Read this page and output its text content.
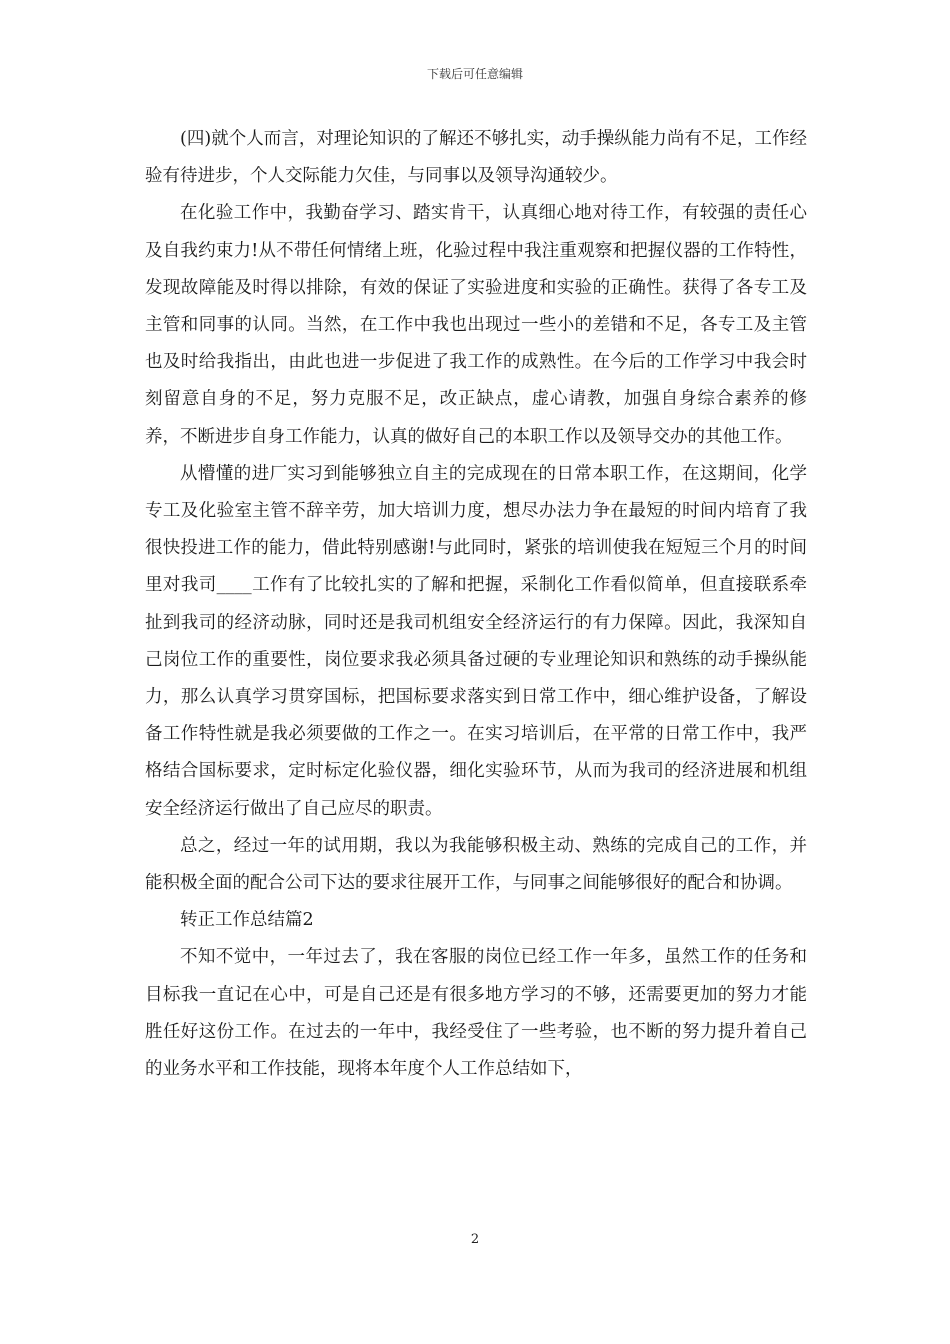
下载后可任意编辑

(四)就个人而言，对理论知识的了解还不够扎实，动手操纵能力尚有不足，工作经验有待进步，个人交际能力欠佳，与同事以及领导沟通较少。

在化验工作中，我勤奋学习、踏实肯干，认真细心地对待工作，有较强的责任心及自我约束力!从不带任何情绪上班，化验过程中我注重观察和把握仪器的工作特性，发现故障能及时得以排除，有效的保证了实验进度和实验的正确性。获得了各专工及主管和同事的认同。当然，在工作中我也出现过一些小的差错和不足，各专工及主管也及时给我指出，由此也进一步促进了我工作的成熟性。在今后的工作学习中我会时刻留意自身的不足，努力克服不足，改正缺点，虚心请教，加强自身综合素养的修养，不断进步自身工作能力，认真的做好自己的本职工作以及领导交办的其他工作。

从懵懂的进厂实习到能够独立自主的完成现在的日常本职工作，在这期间，化学专工及化验室主管不辞辛劳，加大培训力度，想尽办法力争在最短的时间内培育了我很快投进工作的能力，借此特别感谢!与此同时，紧张的培训使我在短短三个月的时间里对我司____工作有了比较扎实的了解和把握，采制化工作看似简单，但直接联系牵扯到我司的经济动脉，同时还是我司机组安全经济运行的有力保障。因此，我深知自己岗位工作的重要性，岗位要求我必须具备过硬的专业理论知识和熟练的动手操纵能力，那么认真学习贯穿国标，把国标要求落实到日常工作中，细心维护设备，了解设备工作特性就是我必须要做的工作之一。在实习培训后，在平常的日常工作中，我严格结合国标要求，定时标定化验仪器，细化实验环节，从而为我司的经济进展和机组安全经济运行做出了自己应尽的职责。

总之，经过一年的试用期，我以为我能够积极主动、熟练的完成自己的工作，并能积极全面的配合公司下达的要求往展开工作，与同事之间能够很好的配合和协调。

转正工作总结篇2

不知不觉中，一年过去了，我在客服的岗位已经工作一年多，虽然工作的任务和目标我一直记在心中，可是自己还是有很多地方学习的不够，还需要更加的努力才能胜任好这份工作。在过去的一年中，我经受住了一些考验，也不断的努力提升着自己的业务水平和工作技能，现将本年度个人工作总结如下，

2
